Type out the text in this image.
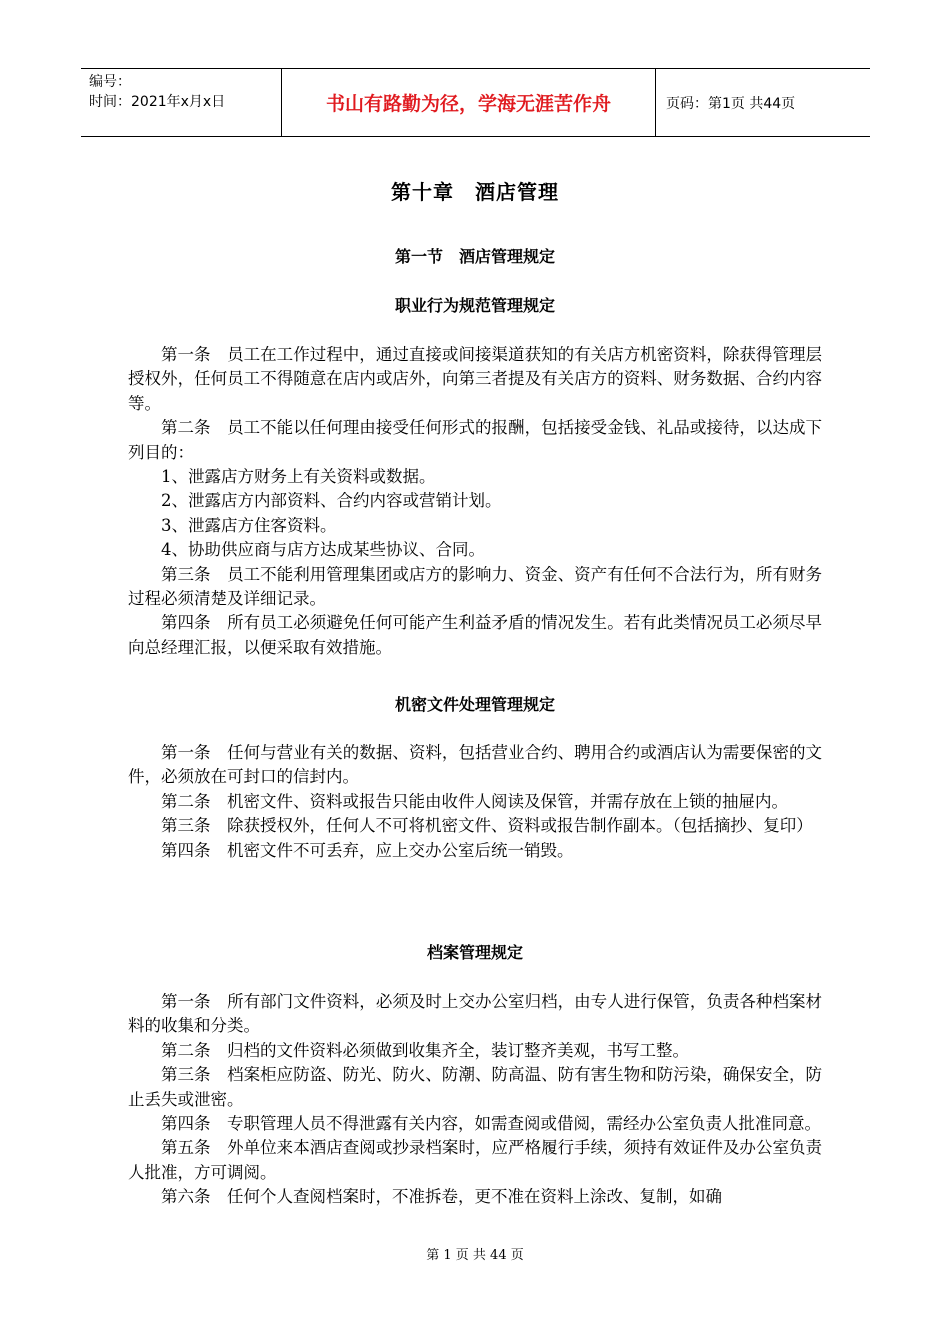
编号：
时间：2021年x月x日	书山有路勤为径，学海无涯苦作舟	页码：第1页 共44页
第十章　酒店管理
第一节　酒店管理规定
职业行为规范管理规定

第一条　员工在工作过程中，通过直接或间接渠道获知的有关店方机密资料，除获得管理层授权外，任何员工不得随意在店内或店外，向第三者提及有关店方的资料、财务数据、合约内容等。

第二条　员工不能以任何理由接受任何形式的报酬，包括接受金钱、礼品或接待，以达成下列目的：

1、泄露店方财务上有关资料或数据。

2、泄露店方内部资料、合约内容或营销计划。

3、泄露店方住客资料。

4、协助供应商与店方达成某些协议、合同。

第三条　员工不能利用管理集团或店方的影响力、资金、资产有任何不合法行为，所有财务过程必须清楚及详细记录。

第四条　所有员工必须避免任何可能产生利益矛盾的情况发生。若有此类情况员工必须尽早向总经理汇报，以便采取有效措施。

机密文件处理管理规定

第一条　任何与营业有关的数据、资料，包括营业合约、聘用合约或酒店认为需要保密的文件，必须放在可封口的信封内。

第二条　机密文件、资料或报告只能由收件人阅读及保管，并需存放在上锁的抽屉内。

第三条　除获授权外，任何人不可将机密文件、资料或报告制作副本。（包括摘抄、复印）

第四条　机密文件不可丢弃，应上交办公室后统一销毁。

档案管理规定

第一条　所有部门文件资料，必须及时上交办公室归档，由专人进行保管，负责各种档案材料的收集和分类。

第二条　归档的文件资料必须做到收集齐全，装订整齐美观，书写工整。

第三条　档案柜应防盗、防光、防火、防潮、防高温、防有害生物和防污染，确保安全，防止丢失或泄密。

第四条　专职管理人员不得泄露有关内容，如需查阅或借阅，需经办公室负责人批准同意。

第五条　外单位来本酒店查阅或抄录档案时，应严格履行手续，须持有效证件及办公室负责人批准，方可调阅。

第六条　任何个人查阅档案时，不准拆卷，更不准在资料上涂改、复制，如确

第 1 页 共 44 页
